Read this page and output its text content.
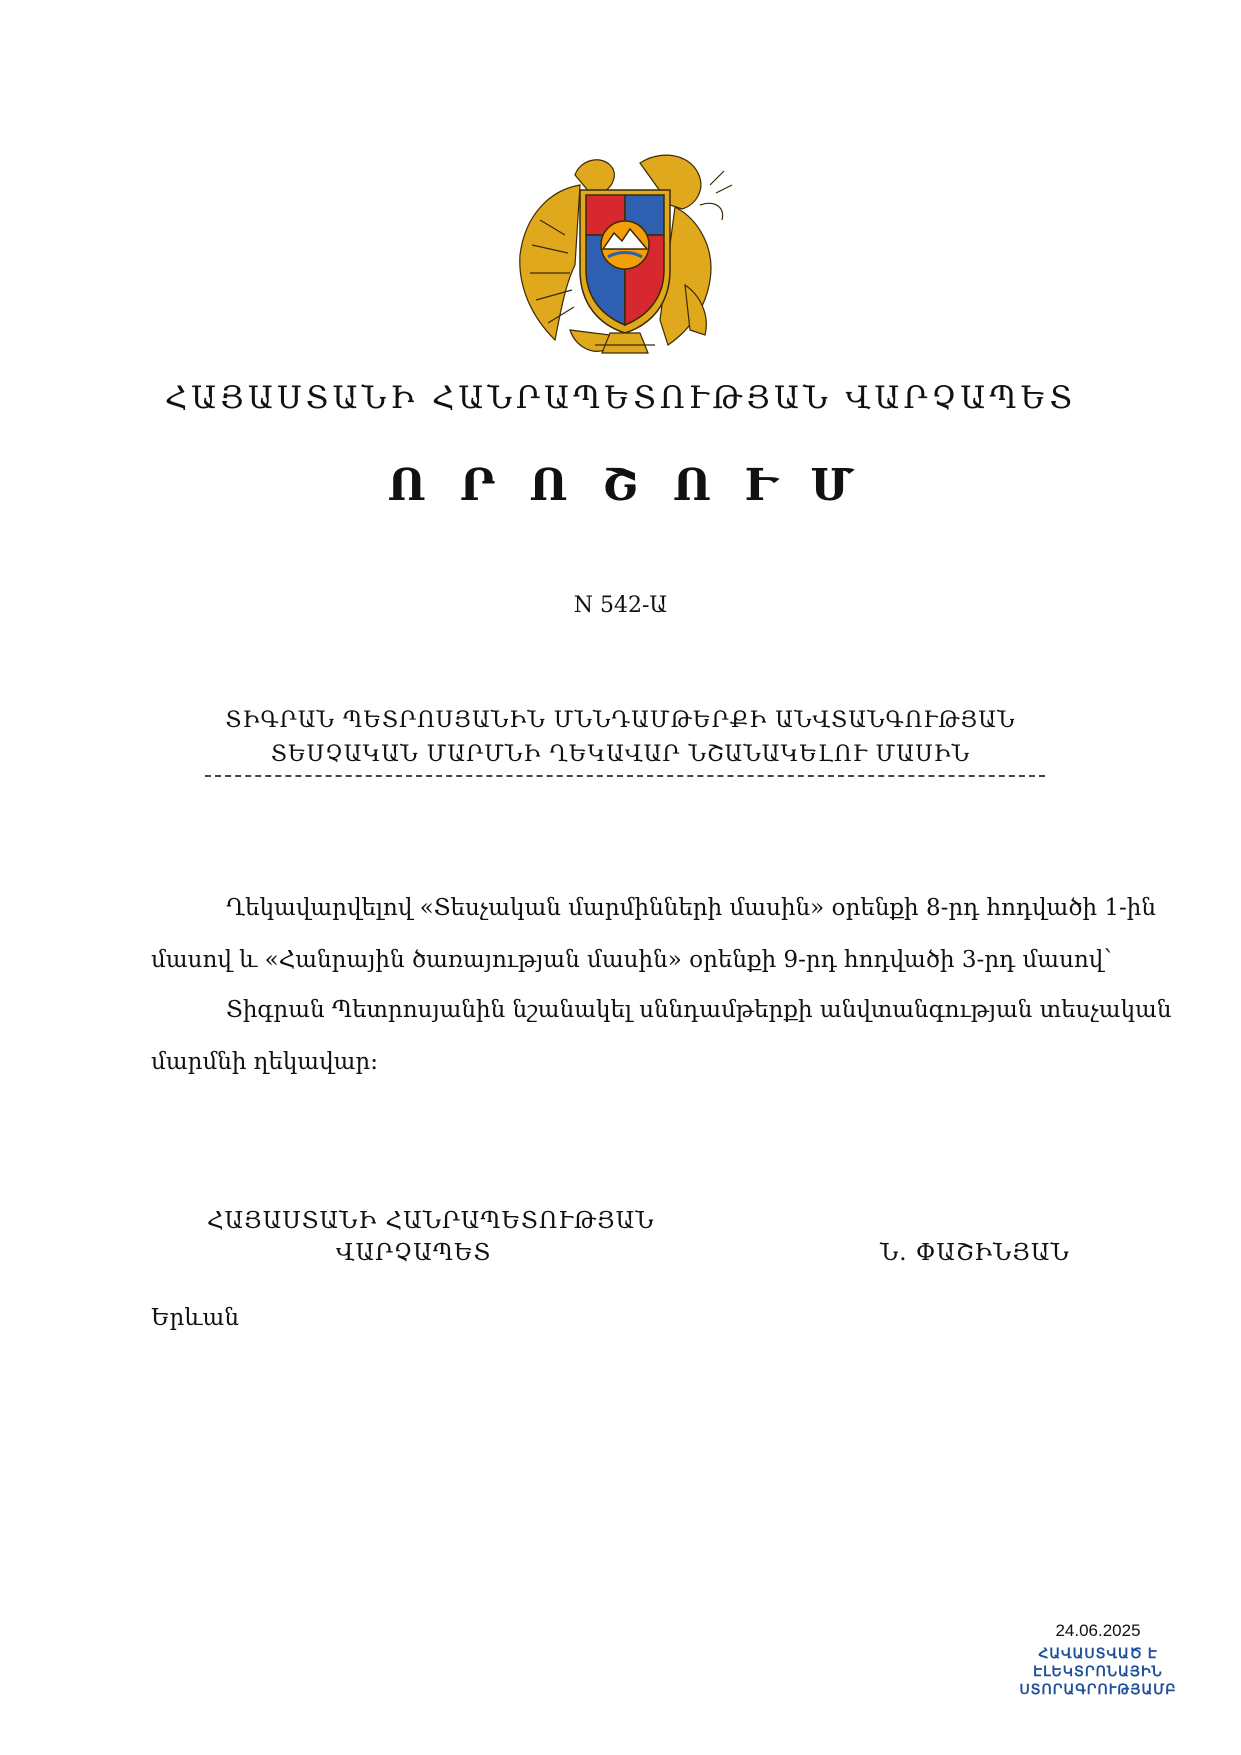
ՀԱՅԱՍՏԱՆԻ ՀԱՆՐԱՊԵՏՈՒԹՅԱՆ ՎԱՐՉԱՊԵՏ
ՈՐՈՇՈՒՄ
N 542-Ա
ՏԻԳՐԱՆ ՊԵՏՐՈՍՅԱՆԻՆ ՄՆՆԴԱՄԹԵՐՔԻ ԱՆՎՏԱՆԳՈՒԹՅԱՆ
ՏԵՍՉԱԿԱՆ ՄԱՐՄՆԻ ՂԵԿԱՎԱՐ ՆՇԱՆԱԿԵԼՈՒ ՄԱՍԻՆ
Ղեկավարվելով «Տեսչական մարմինների մասին» օրենքի 8-րդ հոդվածի 1-ին
մասով և «Հանրային ծառայության մասին» օրենքի 9-րդ հոդվածի 3-րդ մասով՝
Տիգրան Պետրոսյանին նշանակել սննդամթերքի անվտանգության տեսչական
մարմնի ղեկավար:
ՀԱՅԱՍՏԱՆԻ ՀԱՆՐԱՊԵՏՈՒԹՅԱՆ
ՎԱՐՉԱՊԵՏ	Ն. ՓԱՇԻՆՅԱՆ
Երևան
24.06.2025
ՀԱՎԱՍՏՎԱԾ Է
ԷԼԵԿՏՐՈՆԱՅԻՆ
ՍՏՈՐԱԳՐՈՒԹՅԱՄԲ
